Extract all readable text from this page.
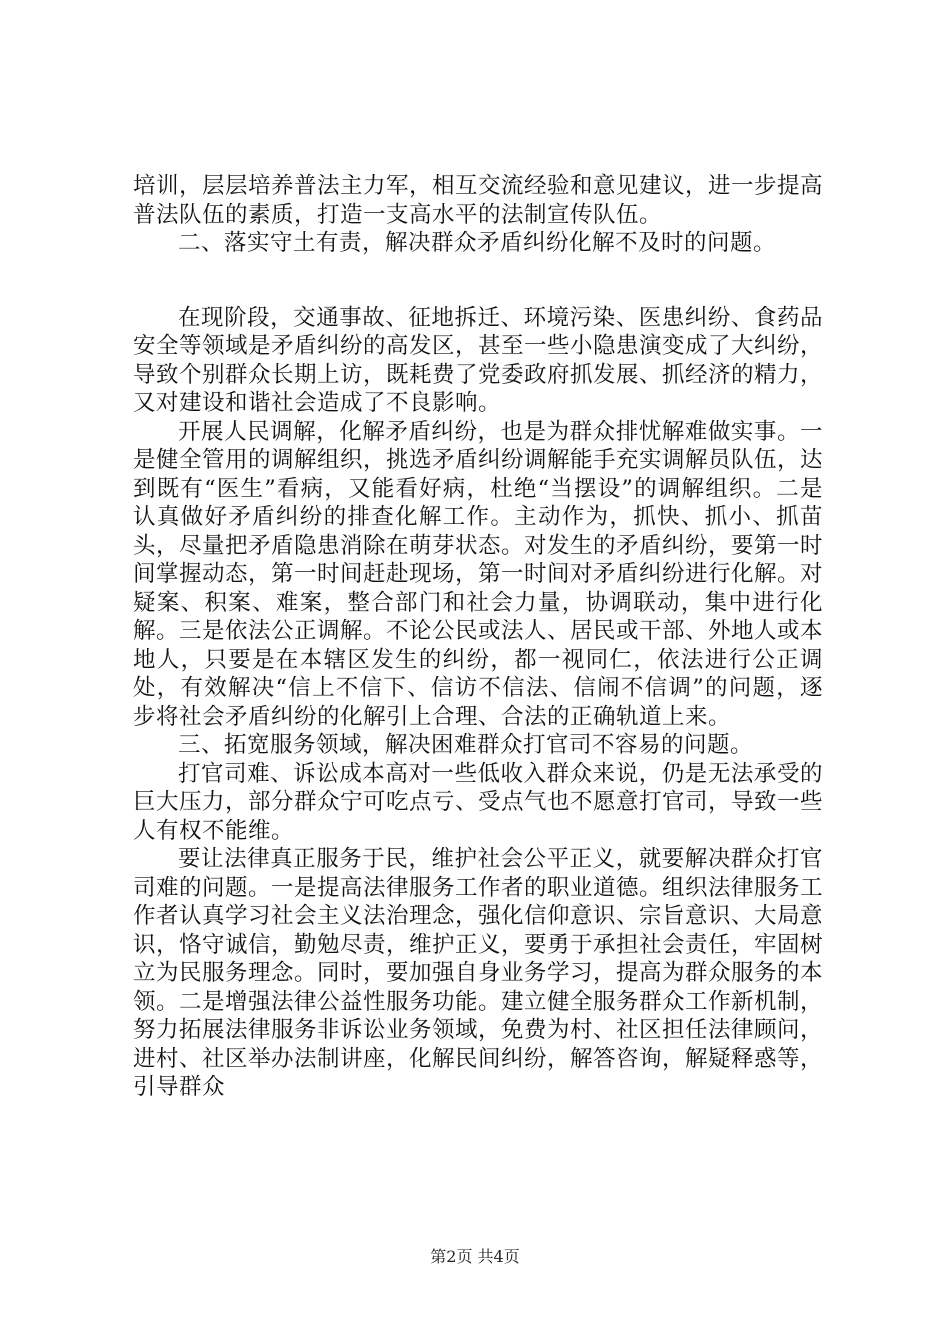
培训，层层培养普法主力军，相互交流经验和意见建议，进一步提高普法队伍的素质，打造一支高水平的法制宣传队伍。

二、落实守土有责，解决群众矛盾纠纷化解不及时的问题。

在现阶段，交通事故、征地拆迁、环境污染、医患纠纷、食药品安全等领域是矛盾纠纷的高发区，甚至一些小隐患演变成了大纠纷，导致个别群众长期上访，既耗费了党委政府抓发展、抓经济的精力，又对建设和谐社会造成了不良影响。

开展人民调解，化解矛盾纠纷，也是为群众排忧解难做实事。一是健全管用的调解组织，挑选矛盾纠纷调解能手充实调解员队伍，达到既有“医生”看病，又能看好病，杜绝“当摆设”的调解组织。二是认真做好矛盾纠纷的排查化解工作。主动作为，抓快、抓小、抓苗头，尽量把矛盾隐患消除在萌芽状态。对发生的矛盾纠纷，要第一时间掌握动态，第一时间赶赴现场，第一时间对矛盾纠纷进行化解。对疑案、积案、难案，整合部门和社会力量，协调联动，集中进行化解。三是依法公正调解。不论公民或法人、居民或干部、外地人或本地人，只要是在本辖区发生的纠纷，都一视同仁，依法进行公正调处，有效解决“信上不信下、信访不信法、信闹不信调”的问题，逐步将社会矛盾纠纷的化解引上合理、合法的正确轨道上来。

三、拓宽服务领域，解决困难群众打官司不容易的问题。

打官司难、诉讼成本高对一些低收入群众来说，仍是无法承受的巨大压力，部分群众宁可吃点亏、受点气也不愿意打官司，导致一些人有权不能维。

要让法律真正服务于民，维护社会公平正义，就要解决群众打官司难的问题。一是提高法律服务工作者的职业道德。组织法律服务工作者认真学习社会主义法治理念，强化信仰意识、宗旨意识、大局意识，恪守诚信，勤勉尽责，维护正义，要勇于承担社会责任，牢固树立为民服务理念。同时，要加强自身业务学习，提高为群众服务的本领。二是增强法律公益性服务功能。建立健全服务群众工作新机制，努力拓展法律服务非诉讼业务领域，免费为村、社区担任法律顾问，进村、社区举办法制讲座，化解民间纠纷，解答咨询，解疑释惑等，引导群众

第2页 共4页
